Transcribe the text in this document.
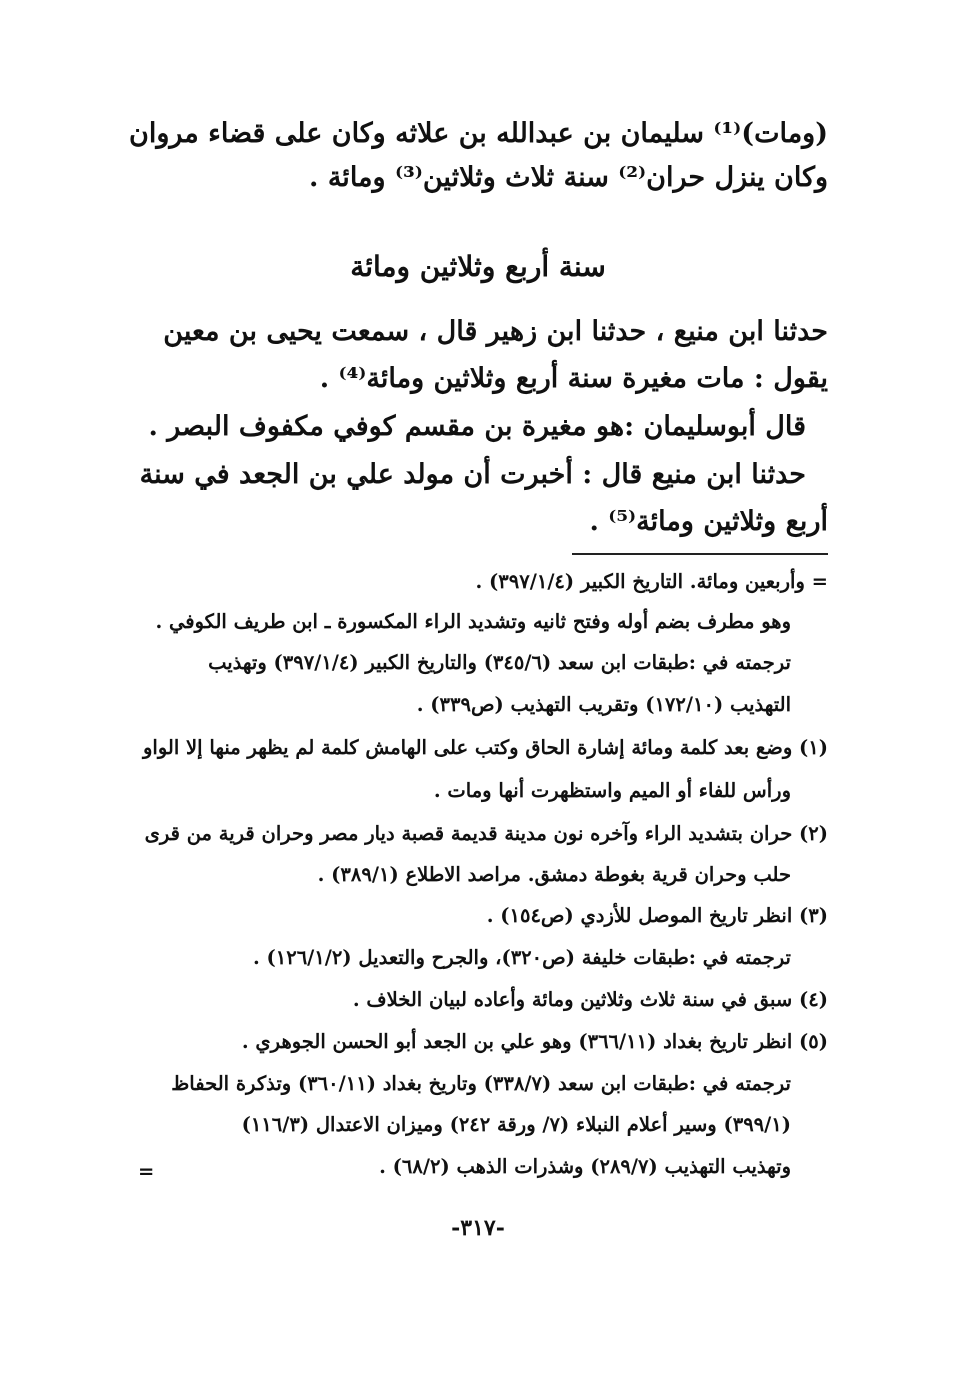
(ومات)⁽¹⁾ سليمان بن عبدالله بن علاثه وكان على قضاء مروان
وكان ينزل حران⁽²⁾ سنة ثلاث وثلاثين⁽³⁾ ومائة .
سنة أربع وثلاثين ومائة
حدثنا ابن منيع ، حدثنا ابن زهير قال ، سمعت يحيى بن معين
يقول : مات مغيرة سنة أربع وثلاثين ومائة⁽⁴⁾ .
قال أبوسليمان :هو مغيرة بن مقسم كوفي مكفوف البصر .
حدثنا ابن منيع قال : أخبرت أن مولد علي بن الجعد في سنة
أربع وثلاثين ومائة⁽⁵⁾ .
= وأربعين ومائة. التاريخ الكبير (٣٩٧/١/٤) .
وهو مطرف بضم أوله وفتح ثانيه وتشديد الراء المكسورة ـ ابن طريف الكوفي .
ترجمته في :طبقات ابن سعد (٣٤٥/٦) والتاريخ الكبير (٣٩٧/١/٤) وتهذيب
التهذيب (١٧٢/١٠) وتقريب التهذيب (ص٣٣٩) .
(١) وضع بعد كلمة ومائة إشارة الحاق وكتب على الهامش كلمة لم يظهر منها إلا الواو
ورأس للفاء أو الميم واستظهرت أنها ومات .
(٢) حران بتشديد الراء وآخره نون مدينة قديمة قصبة ديار مصر وحران قرية من قرى
حلب وحران قرية بغوطة دمشق. مراصد الاطلاع (٣٨٩/١) .
(٣) انظر تاريخ الموصل للأزدي (ص١٥٤) .
ترجمته في :طبقات خليفة (ص٣٢٠)، والجرح والتعديل (١٢٦/١/٢) .
(٤) سبق في سنة ثلاث وثلاثين ومائة وأعاده لبيان الخلاف .
(٥) انظر تاريخ بغداد (٣٦٦/١١) وهو علي بن الجعد أبو الحسن الجوهري .
ترجمته في :طبقات ابن سعد (٣٣٨/٧) وتاريخ بغداد (٣٦٠/١١) وتذكرة الحفاظ
(٣٩٩/١) وسير أعلام النبلاء (٧/ ورقة ٢٤٢) وميزان الاعتدال (١١٦/٣)
وتهذيب التهذيب (٢٨٩/٧) وشذرات الذهب (٦٨/٢) .
=
-٣١٧-
